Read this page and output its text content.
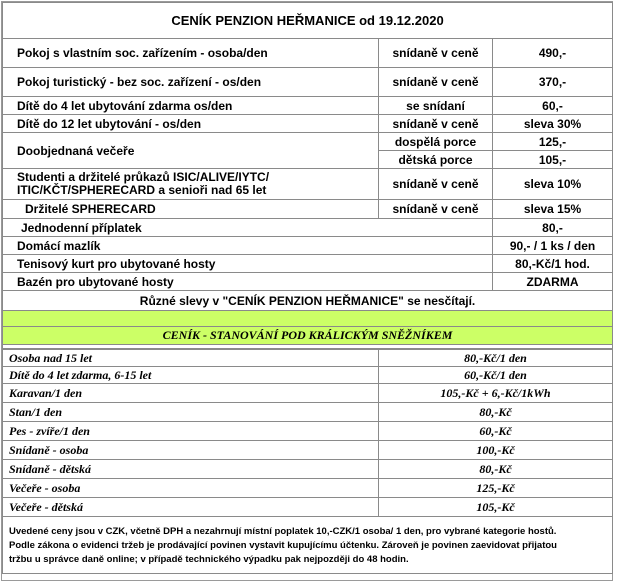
CENÍK PENZION HEŘMANICE od 19.12.2020		
Pokoj s vlastním soc. zařízením - osoba/den	snídaně v ceně	490,-
Pokoj turistický - bez soc. zařízení - os/den	snídaně v ceně	370,-
Dítě do 4 let ubytování zdarma os/den	se snídaní	60,-
Dítě do 12 let ubytování - os/den	snídaně v ceně	sleva 30%
Doobjednaná večeře	dospělá porce	125,-
	dětská porce	105,-

Studenti a držitelé průkazů ISIC/ALIVE/IYTC/
ITIC/KČT/SPHERECARD a senioři nad 65 let	snídaně v ceně	sleva 10%
Držitelé SPHERECARD	snídaně v ceně	sleva 15%
Jednodenní příplatek		80,-
Domácí mazlík		90,- / 1 ks / den
Tenisový kurt pro ubytované hosty		80,-Kč/1 hod.
Bazén pro ubytované hosty		ZDARMA
Různé slevy v "CENÍK PENZION HEŘMANICE" se nesčítají.		

CENÍK - STANOVÁNÍ POD KRÁLICKÝM SNĚŽNÍKEM		

Osoba nad 15 let	80,-Kč/1 den
Dítě do 4 let zdarma, 6-15 let	60,-Kč/1 den
Karavan/1 den	105,-Kč + 6,-Kč/1kWh
Stan/1 den	80,-Kč
Pes - zvíře/1 den	60,-Kč
Snídaně - osoba	100,-Kč
Snídaně - dětská	80,-Kč
Večeře - osoba	125,-Kč
Večeře - dětská	105,-Kč

Uvedené ceny jsou v CZK, včetně DPH a nezahrnují místní poplatek 10,-CZK/1 osoba/ 1 den, pro vybrané kategorie hostů.
Podle zákona o evidenci tržeb je prodávající povinen vystavit kupujícímu účtenku. Zároveň je povinen zaevidovat přijatou
tržbu u správce daně online; v případě technického výpadku pak nejpozději do 48 hodin.	
